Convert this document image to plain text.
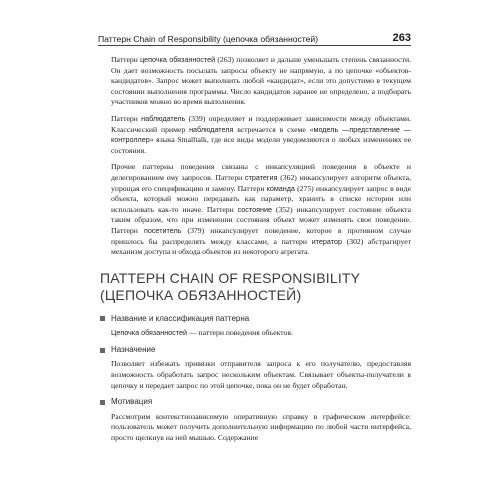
Паттерн Chain of Responsibility (цепочка обязанностей)	263

Паттерн цепочка обязанностей (263) позволяет и дальше уменьшать степень связанности. Он дает возможность посылать запросы объекту не напрямую, а по цепочке «объектов-кандидатов». Запрос может выполнить любой «кандидат», если это допустимо в текущем состоянии выполнения программы. Число кандидатов заранее не определено, а подбирать участников можно во время выполнения.

Паттерн наблюдатель (339) определяет и поддерживает зависимости между объектами. Классический пример наблюдателя встречается в схеме «модель —представление — контроллер» языка Smalltalk, где все виды модели уведомляются о любых изменениях ее состояния.

Прочие паттерны поведения связаны с инкапсуляцией поведения в объекте и делегированием ему запросов. Паттерн стратегия (362) инкапсулирует алгоритм объекта, упрощая его спецификацию и замену. Паттерн команда (275) инкапсулирует запрос в виде объекта, который можно передавать как параметр, хранить в списке истории или использовать как-то иначе. Паттерн состояние (352) инкапсулирует состояние объекта таким образом, что при изменении состояния объект может изменять свое поведение. Паттерн посетитель (379) инкапсулирует поведение, которое в противном случае пришлось бы распределять между классами, а паттерн итератор (302) абстрагирует механизм доступа и обхода объектов из некоторого агрегата.

ПАТТЕРН CHAIN OF RESPONSIBILITY
(ЦЕПОЧКА ОБЯЗАННОСТЕЙ)
Название и классификация паттерна

Цепочка обязанностей — паттерн поведения объектов.

Назначение

Позволяет избежать привязки отправителя запроса к его получателю, предоставляя возможность обработать запрос нескольким объектам. Связывает объекты-получатели в цепочку и передает запрос по этой цепочке, пока он не будет обработан.

Мотивация

Рассмотрим контекстнозависимую оперативную справку в графическом интерфейсе: пользователь может получить дополнительную информацию по любой части интерфейса, просто щелкнув на ней мышью. Содержание
